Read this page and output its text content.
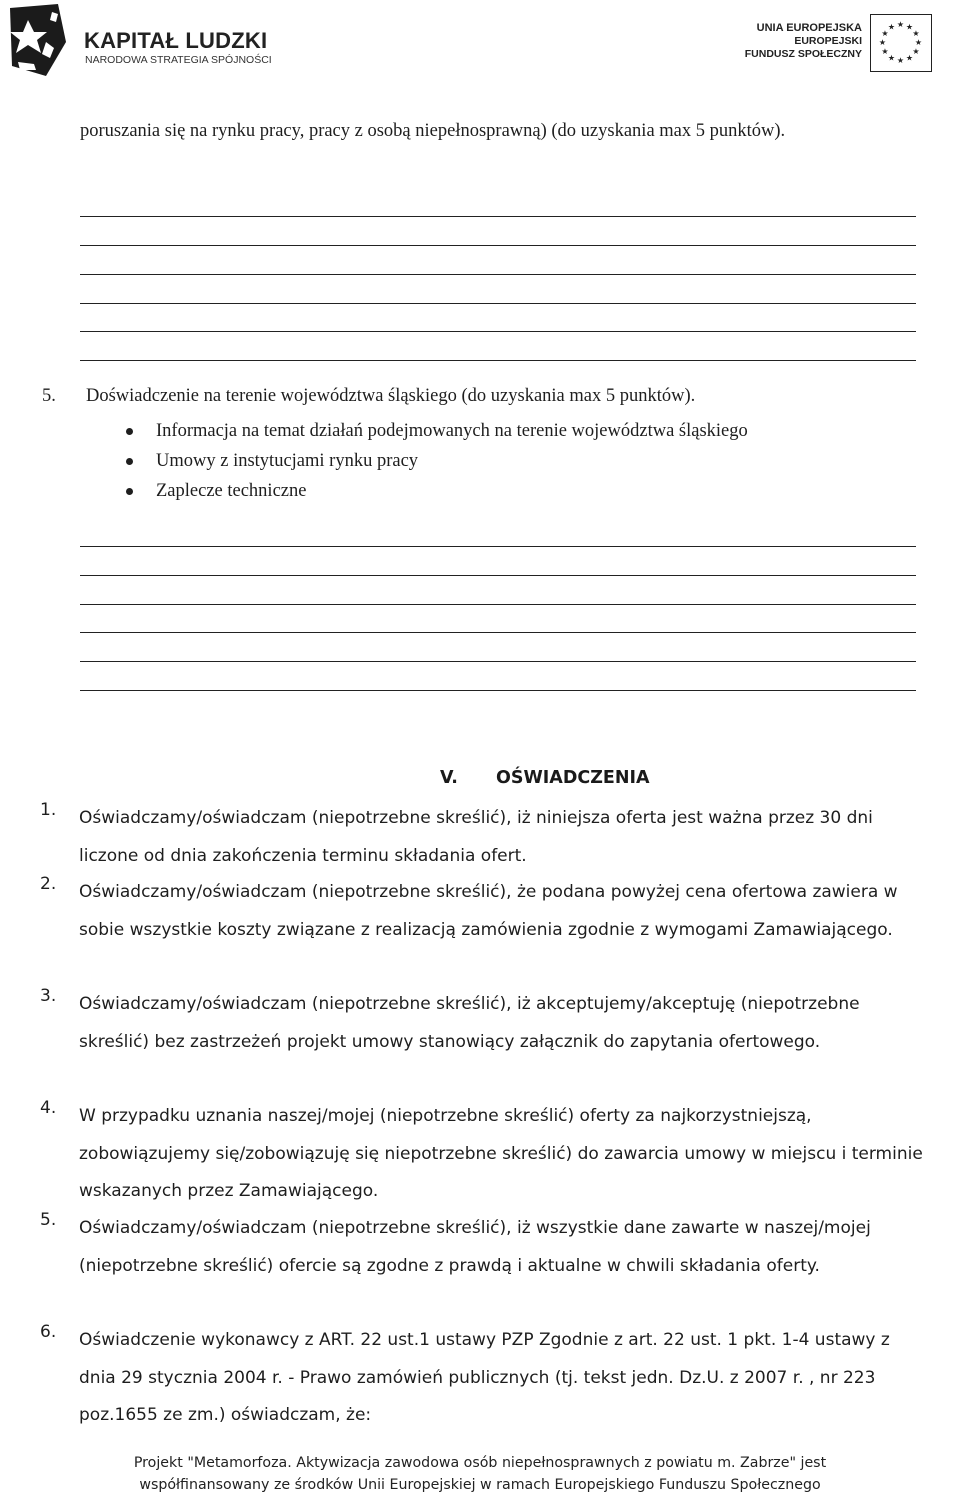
KAPITAŁ LUDZKI
NARODOWA STRATEGIA SPÓJNOŚCI
UNIA EUROPEJSKA
EUROPEJSKI
FUNDUSZ SPOŁECZNY
★ ★
★
★
★
★
★
★
★
★
★
★
poruszania się na rynku pracy, pracy z osobą niepełnosprawną) (do uzyskania max 5 punktów).
5. Doświadczenie na terenie województwa śląskiego (do uzyskania max 5 punktów).
Informacja na temat działań podejmowanych na terenie województwa śląskiego
Umowy z instytucjami rynku pracy
Zaplecze techniczne
V. OŚWIADCZENIA
1. Oświadczamy/oświadczam (niepotrzebne skreślić), iż niniejsza oferta jest ważna przez 30 dni liczone od dnia zakończenia terminu składania ofert.
2. Oświadczamy/oświadczam (niepotrzebne skreślić), że podana powyżej cena ofertowa zawiera w sobie wszystkie koszty związane z realizacją zamówienia zgodnie z wymogami Zamawiającego.
3. Oświadczamy/oświadczam (niepotrzebne skreślić), iż akceptujemy/akceptuję (niepotrzebne skreślić) bez zastrzeżeń projekt umowy stanowiący załącznik do zapytania ofertowego.
4. W przypadku uznania naszej/mojej (niepotrzebne skreślić) oferty za najkorzystniejszą, zobowiązujemy się/zobowiązuję się niepotrzebne skreślić) do zawarcia umowy w miejscu i terminie wskazanych przez Zamawiającego.
5. Oświadczamy/oświadczam (niepotrzebne skreślić), iż wszystkie dane zawarte w naszej/mojej (niepotrzebne skreślić) ofercie są zgodne z prawdą i aktualne w chwili składania oferty.
6. Oświadczenie wykonawcy z ART. 22 ust.1 ustawy PZP Zgodnie z art. 22 ust. 1 pkt. 1-4 ustawy z dnia 29 stycznia 2004 r. - Prawo zamówień publicznych (tj. tekst jedn. Dz.U. z 2007 r. , nr 223 poz.1655 ze zm.) oświadczam, że:
Projekt "Metamorfoza. Aktywizacja zawodowa osób niepełnosprawnych z powiatu m. Zabrze" jest
współfinansowany ze środków Unii Europejskiej w ramach Europejskiego Funduszu Społecznego
